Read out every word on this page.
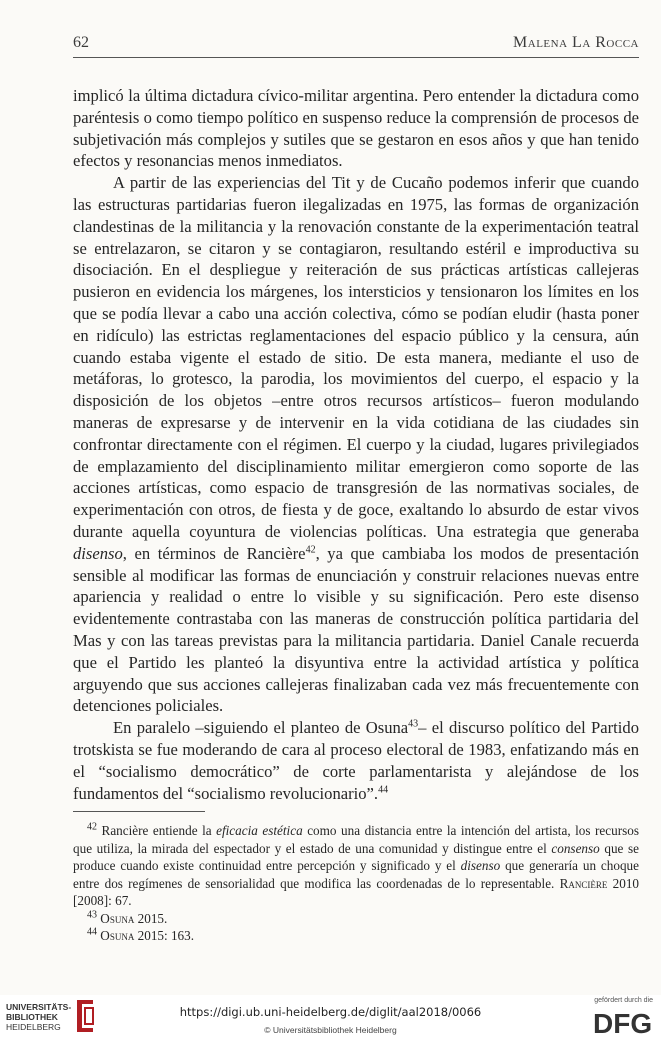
62	Malena La Rocca

implicó la última dictadura cívico-militar argentina. Pero entender la dictadura como paréntesis o como tiempo político en suspenso reduce la comprensión de procesos de subjetivación más complejos y sutiles que se gestaron en esos años y que han tenido efectos y resonancias menos inmediatos.

A partir de las experiencias del Tit y de Cucaño podemos inferir que cuando las estructuras partidarias fueron ilegalizadas en 1975, las formas de organización clandestinas de la militancia y la renovación constante de la experimentación teatral se entrelazaron, se citaron y se contagiaron, resultando estéril e improductiva su disociación. En el despliegue y reiteración de sus prácticas artísticas callejeras pusieron en evidencia los márgenes, los intersticios y tensionaron los límites en los que se podía llevar a cabo una acción colectiva, cómo se podían eludir (hasta poner en ridículo) las estrictas reglamentaciones del espacio público y la censura, aún cuando estaba vigente el estado de sitio. De esta manera, mediante el uso de metáforas, lo grotesco, la parodia, los movimientos del cuerpo, el espacio y la disposición de los objetos –entre otros recursos artísticos– fueron modulando maneras de expresarse y de intervenir en la vida cotidiana de las ciudades sin confrontar directamente con el régimen. El cuerpo y la ciudad, lugares privilegiados de emplazamiento del disciplinamiento militar emergieron como soporte de las acciones artísticas, como espacio de transgresión de las normativas sociales, de experimentación con otros, de fiesta y de goce, exaltando lo absurdo de estar vivos durante aquella coyuntura de violencias políticas. Una estrategia que generaba disenso, en términos de Rancière$^{42}$, ya que cambiaba los modos de presentación sensible al modificar las formas de enunciación y construir relaciones nuevas entre apariencia y realidad o entre lo visible y su significación. Pero este disenso evidentemente contrastaba con las maneras de construcción política partidaria del Mas y con las tareas previstas para la militancia partidaria. Daniel Canale recuerda que el Partido les planteó la disyuntiva entre la actividad artística y política arguyendo que sus acciones callejeras finalizaban cada vez más frecuentemente con detenciones policiales.

En paralelo –siguiendo el planteo de Osuna$^{43}$– el discurso político del Partido trotskista se fue moderando de cara al proceso electoral de 1983, enfatizando más en el “socialismo democrático” de corte parlamentarista y alejándose de los fundamentos del “socialismo revolucionario”.$^{44}$

$^{42}$ Rancière entiende la eficacia estética como una distancia entre la intención del artista, los recursos que utiliza, la mirada del espectador y el estado de una comunidad y distingue entre el consenso que se produce cuando existe continuidad entre percepción y significado y el disenso que generaría un choque entre dos regímenes de sensorialidad que modifica las coordenadas de lo representable. Rancière 2010 [2008]: 67.

$^{43}$ Osuna 2015.

$^{44}$ Osuna 2015: 163.

UNIVERSITÄTS-
BIBLIOTHEK
HEIDELBERG
https://digi.ub.uni-heidelberg.de/diglit/aal2018/0066
© Universitätsbibliothek Heidelberg
gefördert durch die
DFG
